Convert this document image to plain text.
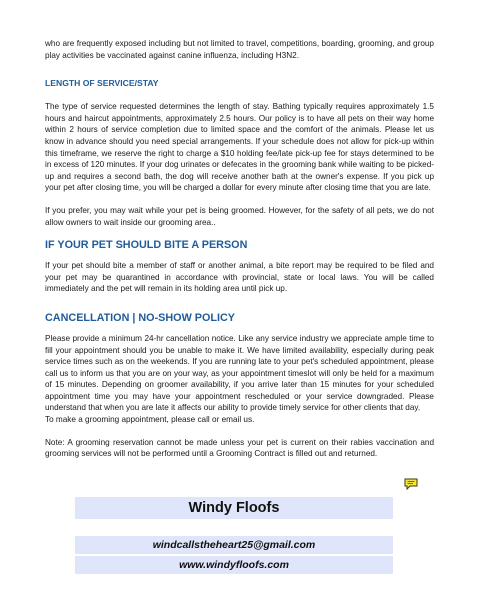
who are frequently exposed including but not limited to travel, competitions, boarding, grooming, and group play activities be vaccinated against canine influenza, including H3N2.

LENGTH OF SERVICE/STAY

The type of service requested determines the length of stay. Bathing typically requires approximately 1.5 hours and haircut appointments, approximately 2.5 hours. Our policy is to have all pets on their way home within 2 hours of service completion due to limited space and the comfort of the animals. Please let us know in advance should you need special arrangements. If your schedule does not allow for pick-up within this timeframe, we reserve the right to charge a $10 holding fee/late pick-up fee for stays determined to be in excess of 120 minutes. If your dog urinates or defecates in the grooming bank while waiting to be picked-up and requires a second bath, the dog will receive another bath at the owner's expense. If you pick up your pet after closing time, you will be charged a dollar for every minute after closing time that you are late.

If you prefer, you may wait while your pet is being groomed. However, for the safety of all pets, we do not allow owners to wait inside our grooming area..

IF YOUR PET SHOULD BITE A PERSON

If your pet should bite a member of staff or another animal, a bite report may be required to be filed and your pet may be quarantined in accordance with provincial, state or local laws. You will be called immediately and the pet will remain in its holding area until pick up.

CANCELLATION | NO-SHOW POLICY

Please provide a minimum 24-hr cancellation notice. Like any service industry we appreciate ample time to fill your appointment should you be unable to make it. We have limited availability, especially during peak service times such as on the weekends. If you are running late to your pet's scheduled appointment, please call us to inform us that you are on your way, as your appointment timeslot will only be held for a maximum of 15 minutes. Depending on groomer availability, if you arrive later than 15 minutes for your scheduled appointment time you may have your appointment rescheduled or your service downgraded. Please understand that when you are late it affects our ability to provide timely service for other clients that day.

To make a grooming appointment, please call or email us.

Note: A grooming reservation cannot be made unless your pet is current on their rabies vaccination and grooming services will not be performed until a Grooming Contract is filled out and returned.

Windy Floofs
windcallstheheart25@gmail.com
www.windyfloofs.com
